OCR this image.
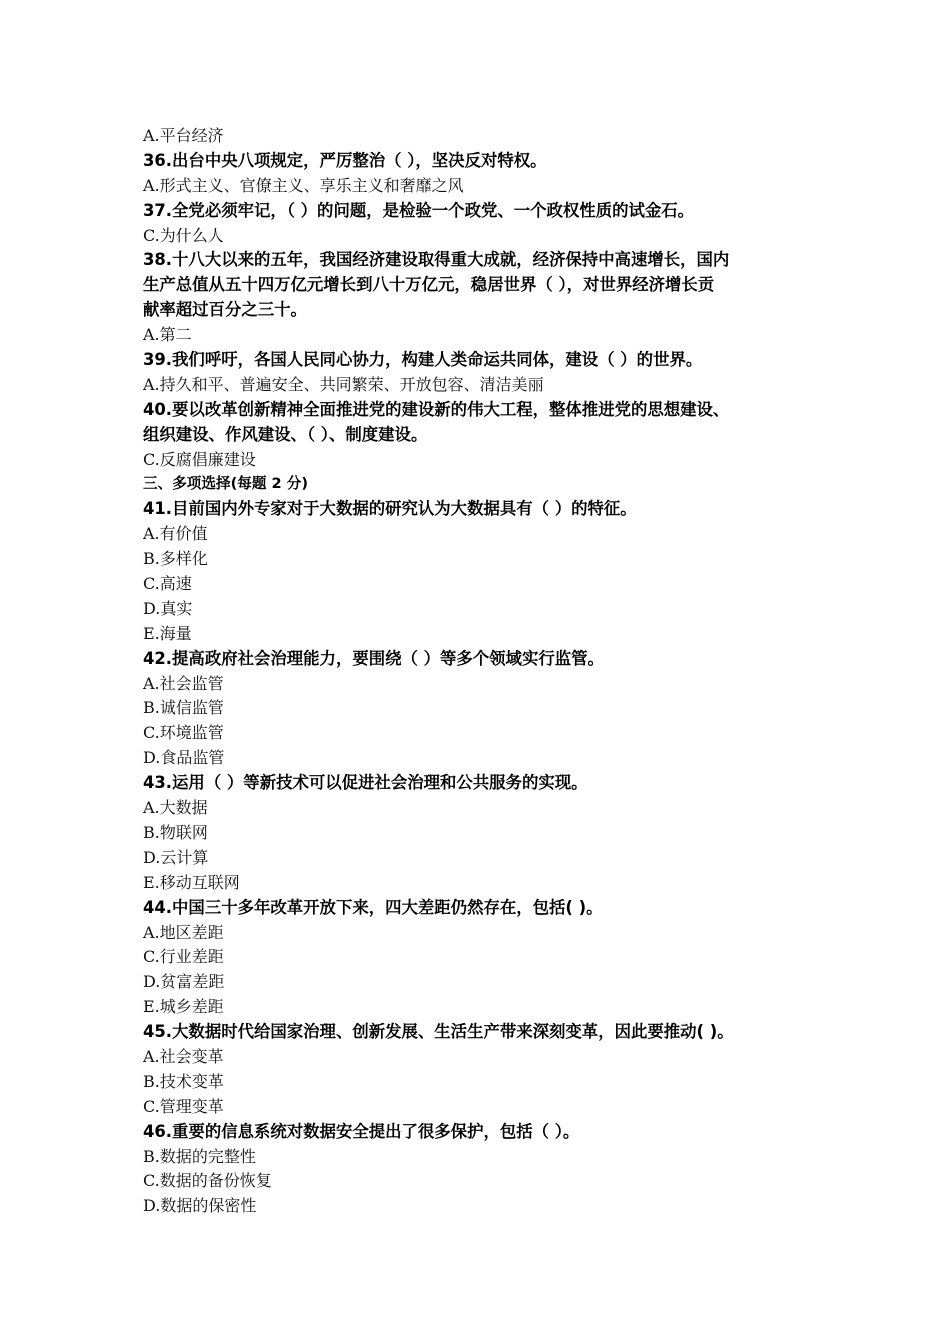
A.平台经济
36.出台中央八项规定，严厉整治（ ），坚决反对特权。
A.形式主义、官僚主义、享乐主义和奢靡之风
37.全党必须牢记，（ ）的问题，是检验一个政党、一个政权性质的试金石。
C.为什么人
38.十八大以来的五年，我国经济建设取得重大成就，经济保持中高速增长，国内
生产总值从五十四万亿元增长到八十万亿元，稳居世界（ ），对世界经济增长贡
献率超过百分之三十。
A.第二
39.我们呼吁，各国人民同心协力，构建人类命运共同体，建设（ ）的世界。
A.持久和平、普遍安全、共同繁荣、开放包容、清洁美丽
40.要以改革创新精神全面推进党的建设新的伟大工程，整体推进党的思想建设、
组织建设、作风建设、（ ）、制度建设。
C.反腐倡廉建设
三、多项选择(每题 2 分)
41.目前国内外专家对于大数据的研究认为大数据具有（ ）的特征。
A.有价值
B.多样化
C.高速
D.真实
E.海量
42.提高政府社会治理能力，要围绕（ ）等多个领域实行监管。
A.社会监管
B.诚信监管
C.环境监管
D.食品监管
43.运用（ ）等新技术可以促进社会治理和公共服务的实现。
A.大数据
B.物联网
D.云计算
E.移动互联网
44.中国三十多年改革开放下来，四大差距仍然存在，包括( )。
A.地区差距
C.行业差距
D.贫富差距
E.城乡差距
45.大数据时代给国家治理、创新发展、生活生产带来深刻变革，因此要推动( )。
A.社会变革
B.技术变革
C.管理变革
46.重要的信息系统对数据安全提出了很多保护，包括（ ）。
B.数据的完整性
C.数据的备份恢复
D.数据的保密性
